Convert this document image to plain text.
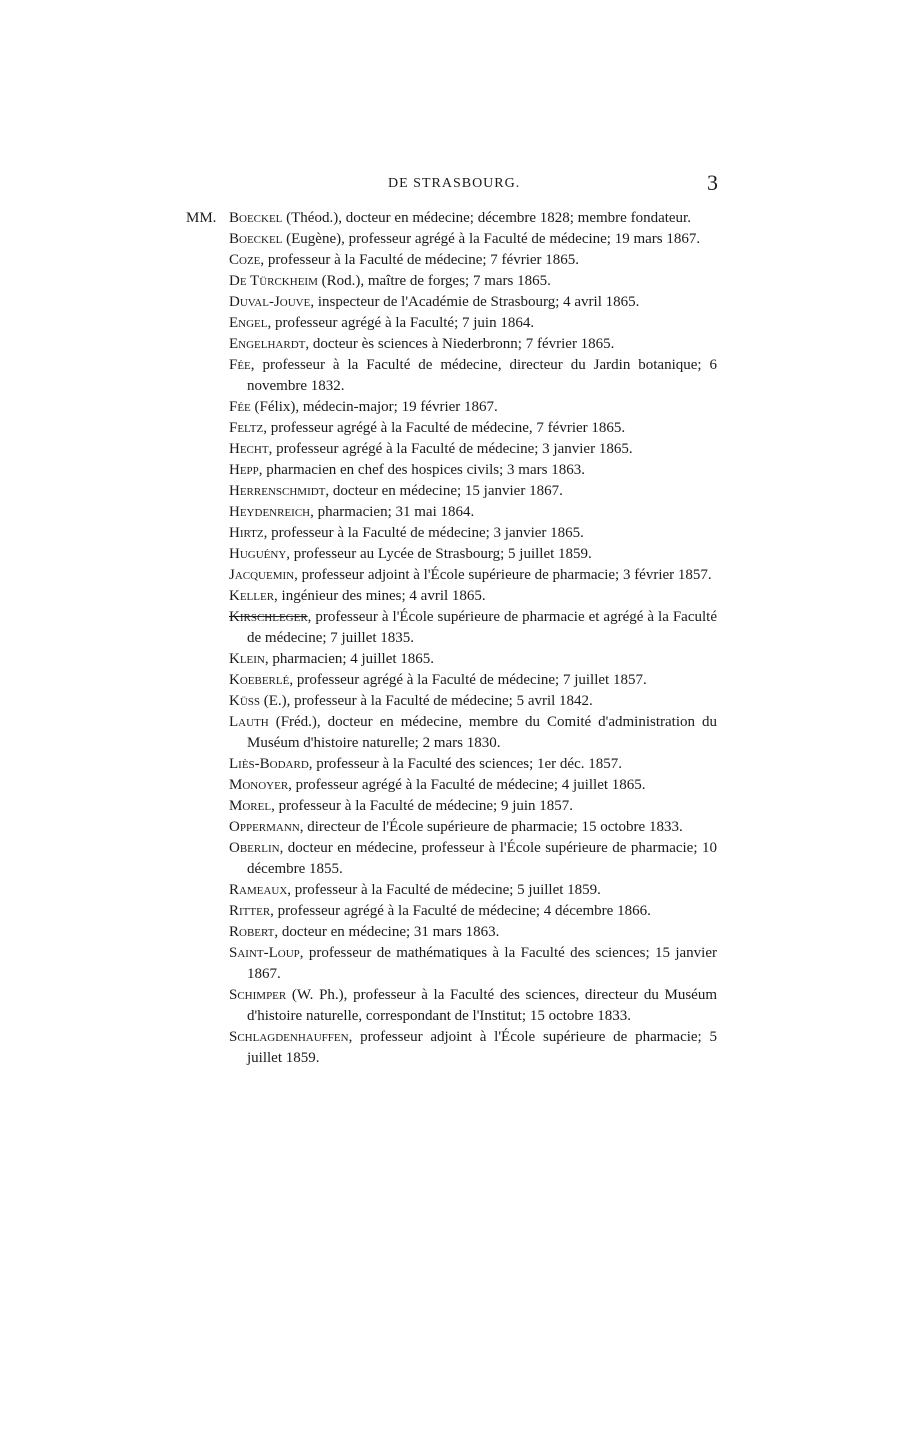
DE STRASBOURG.	3
MM. Boeckel (Théod.), docteur en médecine; décembre 1828; membre fondateur.

Boeckel (Eugène), professeur agrégé à la Faculté de médecine; 19 mars 1867.

Coze, professeur à la Faculté de médecine; 7 février 1865.

De Türckheim (Rod.), maître de forges; 7 mars 1865.

Duval-Jouve, inspecteur de l'Académie de Strasbourg; 4 avril 1865.

Engel, professeur agrégé à la Faculté; 7 juin 1864.

Engelhardt, docteur ès sciences à Niederbronn; 7 février 1865.

Fée, professeur à la Faculté de médecine, directeur du Jardin botanique; 6 novembre 1832.

Fée (Félix), médecin-major; 19 février 1867.

Feltz, professeur agrégé à la Faculté de médecine, 7 février 1865.

Hecht, professeur agrégé à la Faculté de médecine; 3 janvier 1865.

Hepp, pharmacien en chef des hospices civils; 3 mars 1863.

Herrenschmidt, docteur en médecine; 15 janvier 1867.

Heydenreich, pharmacien; 31 mai 1864.

Hirtz, professeur à la Faculté de médecine; 3 janvier 1865.

Huguény, professeur au Lycée de Strasbourg; 5 juillet 1859.

Jacquemin, professeur adjoint à l'École supérieure de pharmacie; 3 février 1857.

Keller, ingénieur des mines; 4 avril 1865.

Kirschleger, professeur à l'École supérieure de pharmacie et agrégé à la Faculté de médecine; 7 juillet 1835.

Klein, pharmacien; 4 juillet 1865.

Koeberlé, professeur agrégé à la Faculté de médecine; 7 juillet 1857.

Küss (E.), professeur à la Faculté de médecine; 5 avril 1842.

Lauth (Fréd.), docteur en médecine, membre du Comité d'administration du Muséum d'histoire naturelle; 2 mars 1830.

Liès-Bodard, professeur à la Faculté des sciences; 1er déc. 1857.

Monoyer, professeur agrégé à la Faculté de médecine; 4 juillet 1865.

Morel, professeur à la Faculté de médecine; 9 juin 1857.

Oppermann, directeur de l'École supérieure de pharmacie; 15 octobre 1833.

Oberlin, docteur en médecine, professeur à l'École supérieure de pharmacie; 10 décembre 1855.

Rameaux, professeur à la Faculté de médecine; 5 juillet 1859.

Ritter, professeur agrégé à la Faculté de médecine; 4 décembre 1866.

Robert, docteur en médecine; 31 mars 1863.

Saint-Loup, professeur de mathématiques à la Faculté des sciences; 15 janvier 1867.

Schimper (W. Ph.), professeur à la Faculté des sciences, directeur du Muséum d'histoire naturelle, correspondant de l'Institut; 15 octobre 1833.

Schlagdenhauffen, professeur adjoint à l'École supérieure de pharmacie; 5 juillet 1859.
